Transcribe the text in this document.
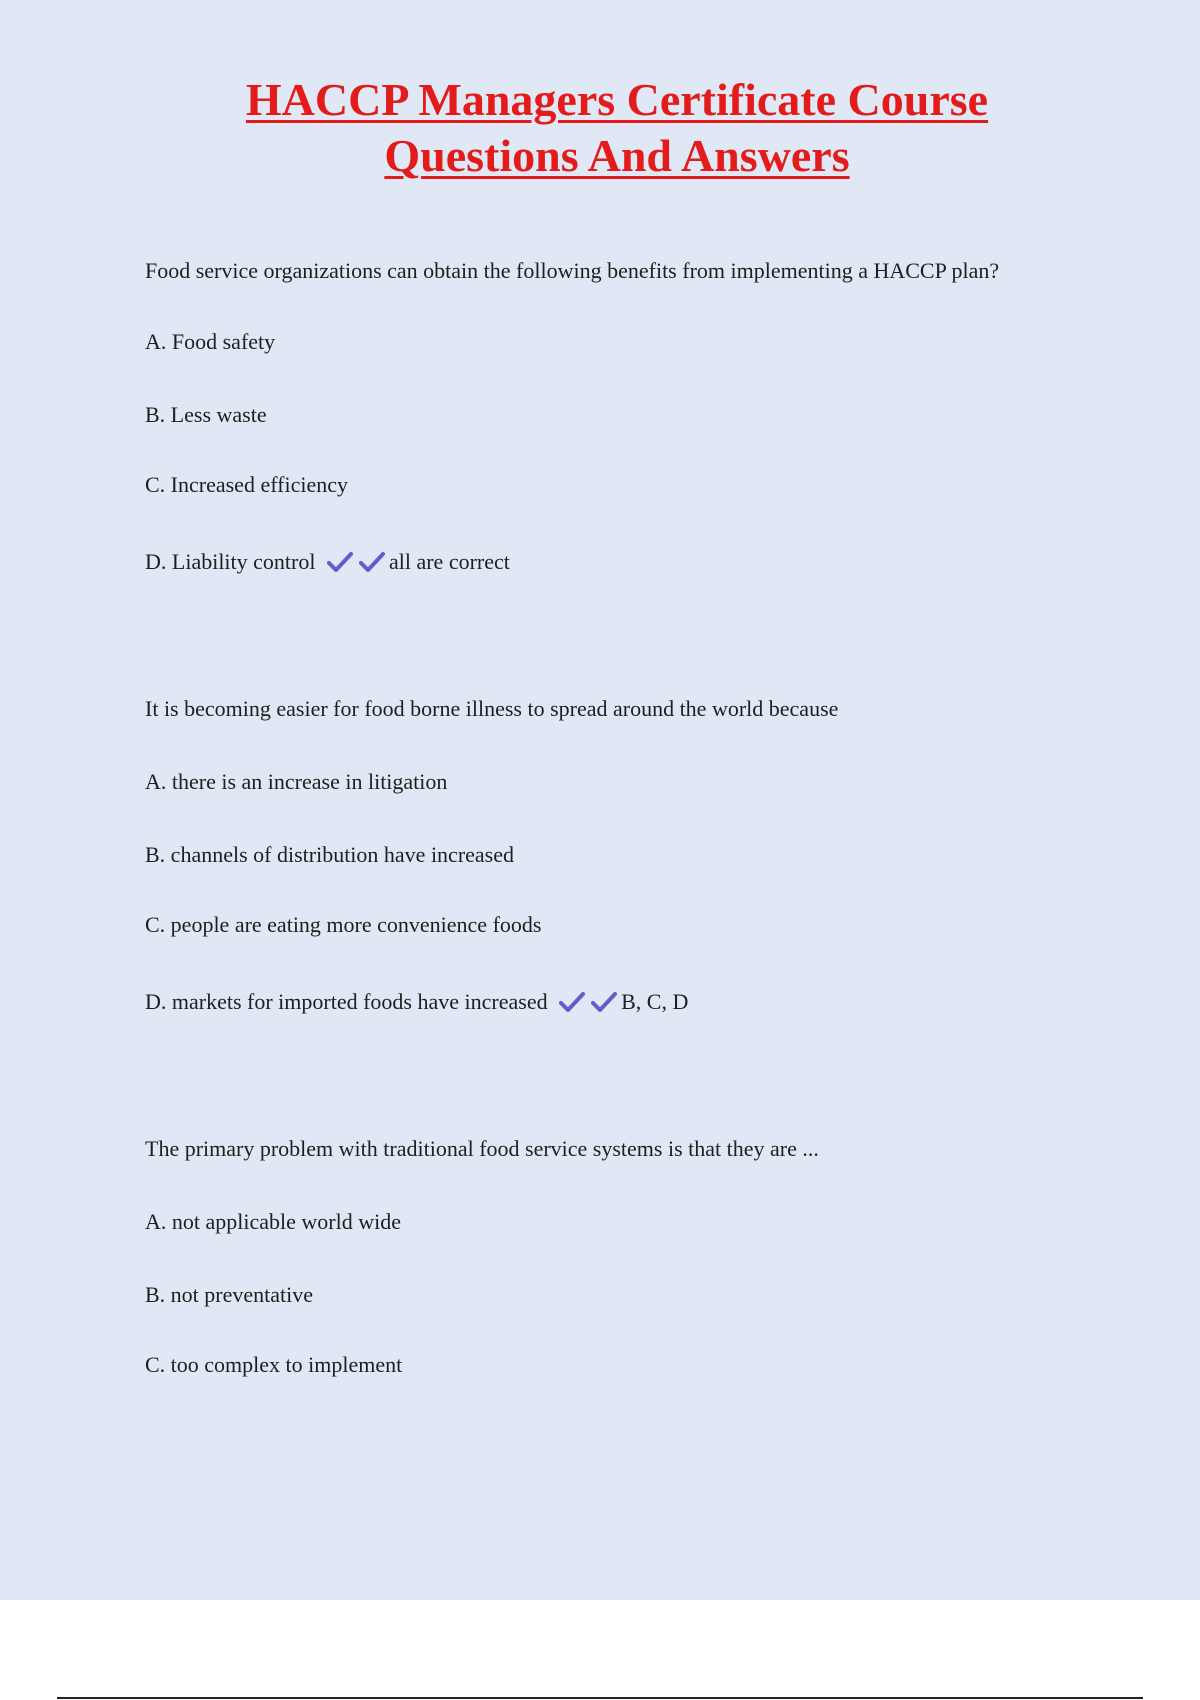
HACCP Managers Certificate Course
Questions And Answers
Food service organizations can obtain the following benefits from implementing a HACCP plan?
A. Food safety
B. Less waste
C. Increased efficiency
D. Liability control	all are correct
It is becoming easier for food borne illness to spread around the world because
A. there is an increase in litigation
B. channels of distribution have increased
C. people are eating more convenience foods
D. markets for imported foods have increased	B, C, D
The primary problem with traditional food service systems is that they are ...
A. not applicable world wide
B. not preventative
C. too complex to implement
